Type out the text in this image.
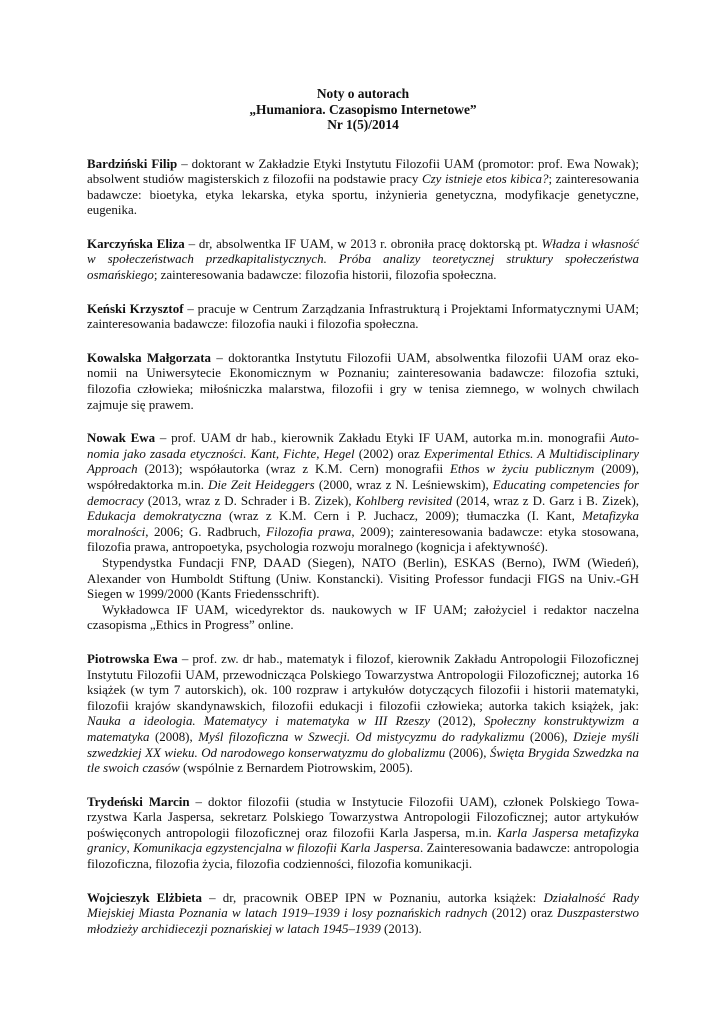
Noty o autorach
„Humaniora. Czasopismo Internetowe”
Nr 1(5)/2014

Bardziński Filip – doktorant w Zakładzie Etyki Instytutu Filozofii UAM (promotor: prof. Ewa Nowak); absolwent studiów magisterskich z filozofii na podstawie pracy Czy istnieje etos kibica?; zainteresowania badawcze: bioetyka, etyka lekarska, etyka sportu, inżynieria genetyczna, modyfikacje genetyczne, eugenika.

Karczyńska Eliza – dr, absolwentka IF UAM, w 2013 r. obroniła pracę doktorską pt. Władza i własność w społeczeństwach przedkapitalistycznych. Próba analizy teoretycznej struktury społeczeństwa osmańskiego; zainteresowania badawcze: filozofia historii, filozofia społeczna.

Keński Krzysztof – pracuje w Centrum Zarządzania Infrastrukturą i Projektami Informatycznymi UAM; zainteresowania badawcze: filozofia nauki i filozofia społeczna.

Kowalska Małgorzata – doktorantka Instytutu Filozofii UAM, absolwentka filozofii UAM oraz ekonomii na Uniwersytecie Ekonomicznym w Poznaniu; zainteresowania badawcze: filozofia sztuki, filozofia człowieka; miłośniczka malarstwa, filozofii i gry w tenisa ziemnego, w wolnych chwilach zajmuje się prawem.

Nowak Ewa – prof. UAM dr hab., kierownik Zakładu Etyki IF UAM, autorka m.in. monografii Autonomia jako zasada etyczności. Kant, Fichte, Hegel (2002) oraz Experimental Ethics. A Multidisciplinary Approach (2013); współautorka (wraz z K.M. Cern) monografii Ethos w życiu publicznym (2009), współredaktorka m.in. Die Zeit Heideggers (2000, wraz z N. Leśniewskim), Educating competencies for democracy (2013, wraz z D. Schrader i B. Zizek), Kohlberg revisited (2014, wraz z D. Garz i B. Zizek), Edukacja demokratyczna (wraz z K.M. Cern i P. Juchacz, 2009); tłumaczka (I. Kant, Metafizyka moralności, 2006; G. Radbruch, Filozofia prawa, 2009); zainteresowania badawcze: etyka stosowana, filozofia prawa, antropoetyka, psychologia rozwoju moralnego (kognicja i afektywność).

Stypendystka Fundacji FNP, DAAD (Siegen), NATO (Berlin), ESKAS (Berno), IWM (Wiedeń), Alexander von Humboldt Stiftung (Uniw. Konstancki). Visiting Professor fundacji FIGS na Univ.-GH Siegen w 1999/2000 (Kants Friedensschrift).

Wykładowca IF UAM, wicedyrektor ds. naukowych w IF UAM; założyciel i redaktor naczelna czasopisma „Ethics in Progress” online.

Piotrowska Ewa – prof. zw. dr hab., matematyk i filozof, kierownik Zakładu Antropologii Filozoficznej Instytutu Filozofii UAM, przewodnicząca Polskiego Towarzystwa Antropologii Filozoficznej; autorka 16 książek (w tym 7 autorskich), ok. 100 rozpraw i artykułów dotyczących filozofii i historii matematyki, filozofii krajów skandynawskich, filozofii edukacji i filozofii człowieka; autorka takich książek, jak: Nauka a ideologia. Matematycy i matematyka w III Rzeszy (2012), Społeczny konstruktywizm a matematyka (2008), Myśl filozoficzna w Szwecji. Od mistycyzmu do radykalizmu (2006), Dzieje myśli szwedzkiej XX wieku. Od narodowego konserwatyzmu do globalizmu (2006), Święta Brygida Szwedzka na tle swoich czasów (wspólnie z Bernardem Piotrowskim, 2005).

Trydeński Marcin – doktor filozofii (studia w Instytucie Filozofii UAM), członek Polskiego Towarzystwa Karla Jaspersa, sekretarz Polskiego Towarzystwa Antropologii Filozoficznej; autor artykułów poświęconych antropologii filozoficznej oraz filozofii Karla Jaspersa, m.in. Karla Jaspersa metafizyka granicy, Komunikacja egzystencjalna w filozofii Karla Jaspersa. Zainteresowania badawcze: antropologia filozoficzna, filozofia życia, filozofia codzienności, filozofia komunikacji.

Wojcieszyk Elżbieta – dr, pracownik OBEP IPN w Poznaniu, autorka książek: Działalność Rady Miejskiej Miasta Poznania w latach 1919–1939 i losy poznańskich radnych (2012) oraz Duszpasterstwo młodzieży archidiecezji poznańskiej w latach 1945–1939 (2013).
